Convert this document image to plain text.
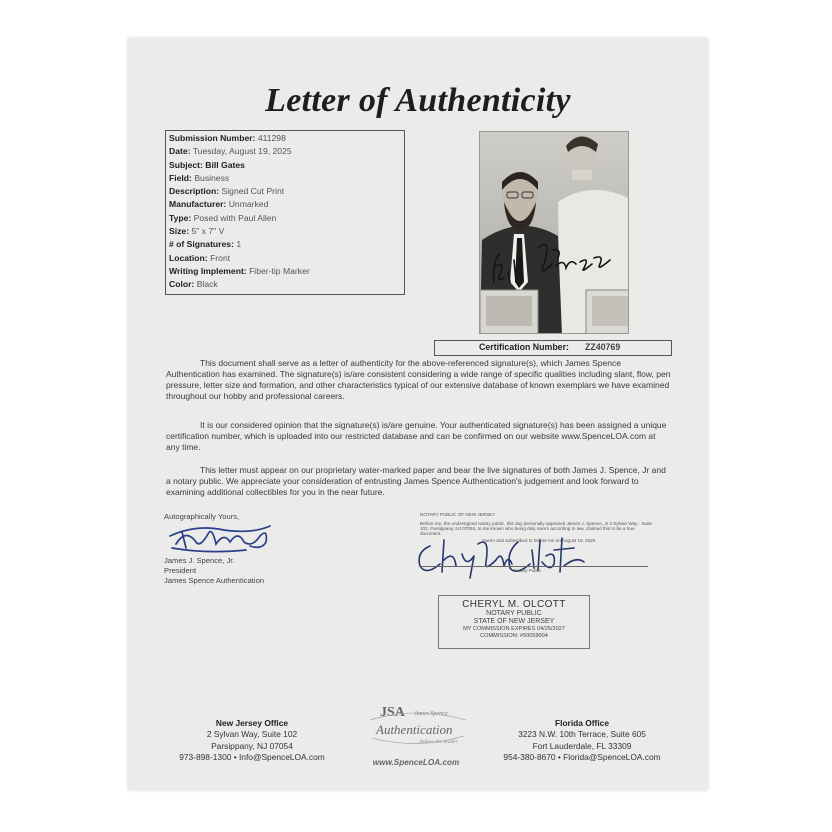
Letter of Authenticity
Submission Number: 411298
Date: Tuesday, August 19, 2025
Subject: Bill Gates
Field: Business
Description: Signed Cut Print
Manufacturer: Unmarked
Type: Posed with Paul Allen
Size: 5" x 7" V
# of Signatures: 1
Location: Front
Writing Implement: Fiber-tip Marker
Color: Black
Certification Number: ZZ40769
This document shall serve as a letter of authenticity for the above-referenced signature(s), which James Spence Authentication has examined. The signature(s) is/are consistent considering a wide range of specific qualities including slant, flow, pen pressure, letter size and formation, and other characteristics typical of our extensive database of known exemplars we have examined throughout our hobby and professional careers.
It is our considered opinion that the signature(s) is/are genuine. Your authenticated signature(s) has been assigned a unique certification number, which is uploaded into our restricted database and can be confirmed on our website www.SpenceLOA.com at any time.
This letter must appear on our proprietary water-marked paper and bear the live signatures of both James J. Spence, Jr and a notary public. We appreciate your consideration of entrusting James Spence Authentication's judgement and look forward to examining additional collectibles for you in the near future.
Autographically Yours,
James J. Spence, Jr.
President
James Spence Authentication
NOTARY PUBLIC OF NEW JERSEY
Before me, the undersigned notary public, this day personally appeared James J. Spence, Jr 2 Sylvan Way - Suite
102, Parsippany, NJ 07054, to me known who being duly sworn according to law, claimed this to be a true
document.
Sworn and subscribed to before me on August 19, 2025
Notary Public
CHERYL M. OLCOTT
NOTARY PUBLIC
STATE OF NEW JERSEY
MY COMMISSION EXPIRES 04/25/2027
COMMISSION: #50059004
New Jersey Office
2 Sylvan Way, Suite 102
Parsippany, NJ 07054
973-898-1300 • Info@SpenceLOA.com
JSA James Spence
Authentication
follow the leader
www.SpenceLOA.com
Florida Office
3223 N.W. 10th Terrace, Suite 605
Fort Lauderdale, FL 33309
954-380-8670 • Florida@SpenceLOA.com
